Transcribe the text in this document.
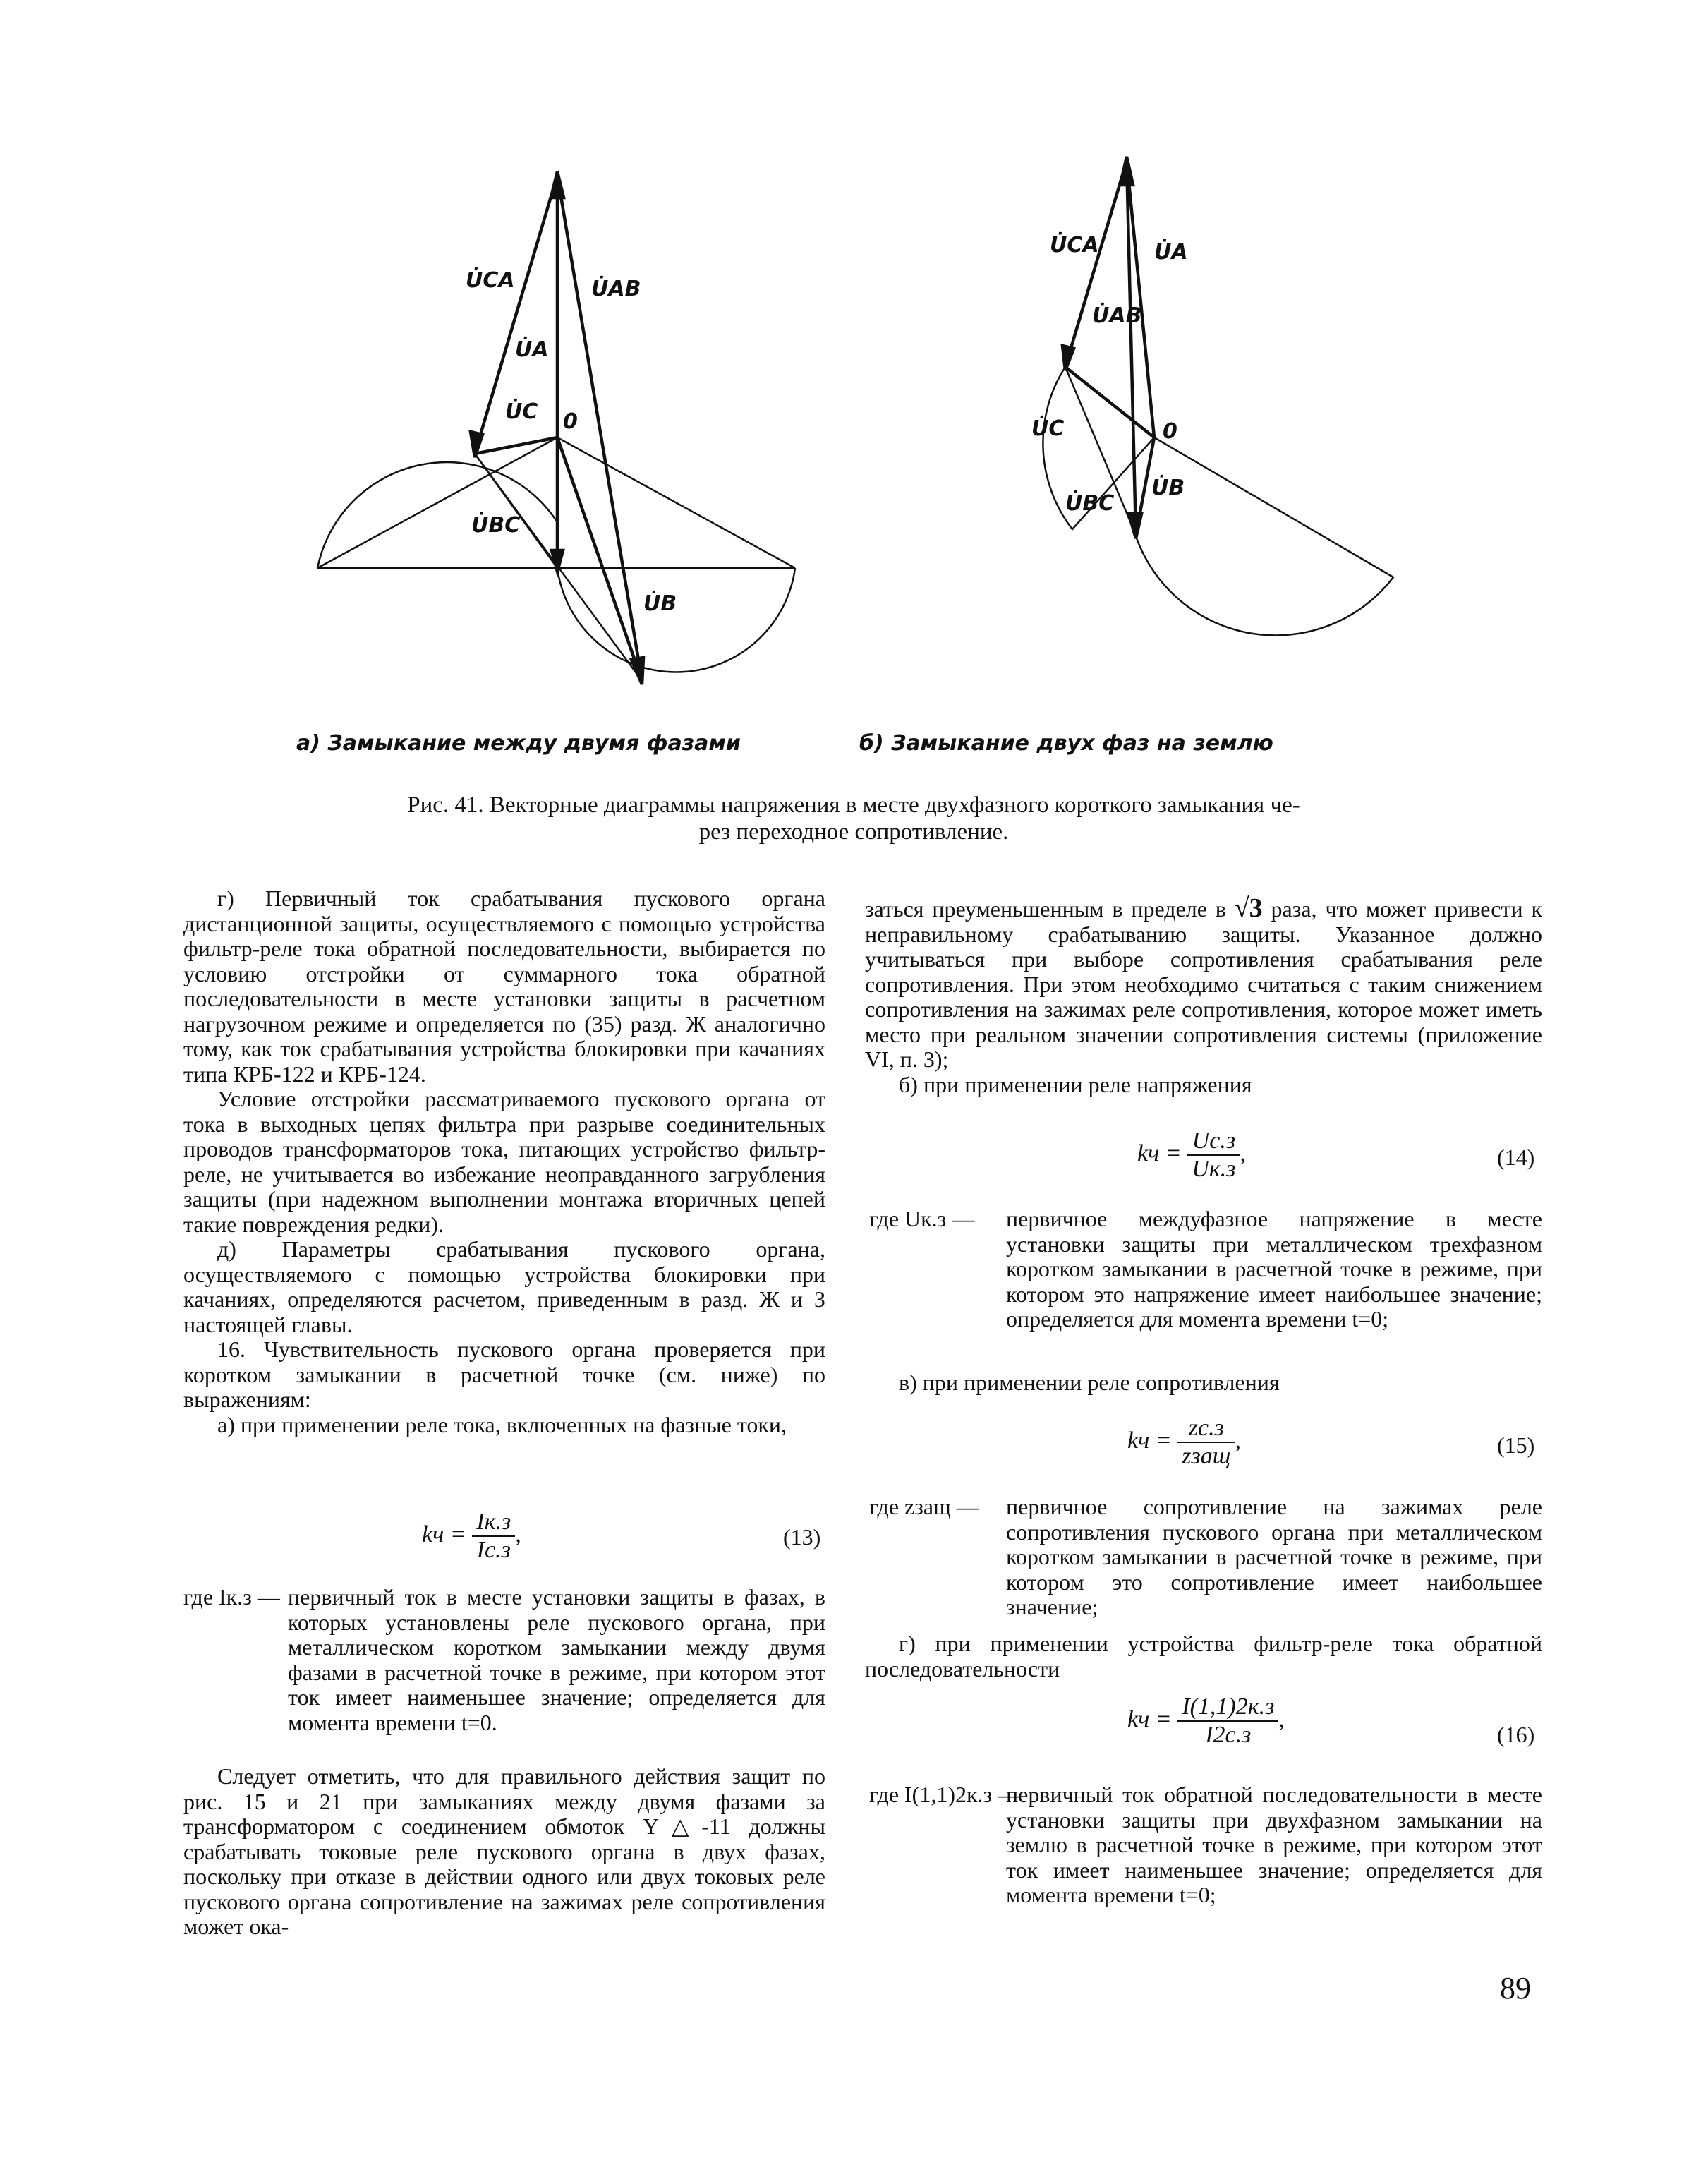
U̇CA	U̇AB
U̇A
U̇C 0
U̇BC
U̇B
U̇CA	U̇A
U̇AB
U̇C	0
U̇B
U̇BC
а) Замыкание между двумя фазами	б) Замыкание двух фаз на землю
Рис. 41. Векторные диаграммы напряжения в месте двухфазного короткого замыкания че-
рез переходное сопротивление.

г) Первичный ток срабатывания пускового органа дистанционной защиты, осуществляемого с помощью устройства фильтр-реле тока обратной последовательности, выбирается по условию отстройки от суммарного тока обратной последовательности в месте установки защиты в расчетном нагрузочном режиме и определяется по (35) разд. Ж аналогично тому, как ток срабатывания устройства блокировки при качаниях типа КРБ-122 и КРБ-124.

Условие отстройки рассматриваемого пускового органа от тока в выходных цепях фильтра при разрыве соединительных проводов трансформаторов тока, питающих устройство фильтр-реле, не учитывается во избежание неоправданного загрубления защиты (при надежном выполнении монтажа вторичных цепей такие повреждения редки).

д) Параметры срабатывания пускового органа, осуществляемого с помощью устройства блокировки при качаниях, определяются расчетом, приведенным в разд. Ж и З настоящей главы.

16. Чувствительность пускового органа проверяется при коротком замыкании в расчетной точке (см. ниже) по выражениям:

а) при применении реле тока, включенных на фазные токи,

kч = $\frac{Iк.з}{Iс.з}$ ,	(13)
где Iк.з — первичный ток в месте установки защиты в фазах, в которых установлены реле пускового органа, при металлическом коротком замыкании между двумя фазами в расчетной точке в режиме, при котором этот ток имеет наименьшее значение; определяется для момента времени t=0.

Следует отметить, что для правильного действия защит по рис. 15 и 21 при замыканиях между двумя фазами за трансформатором с соединением обмоток Y△-11 должны срабатывать токовые реле пускового органа в двух фазах, поскольку при отказе в действии одного или двух токовых реле пускового органа сопротивление на зажимах реле сопротивления может ока-

заться преуменьшенным в пределе в √3 раза, что может привести к неправильному срабатыванию защиты. Указанное должно учитываться при выборе сопротивления срабатывания реле сопротивления. При этом необходимо считаться с таким снижением сопротивления на зажимах реле сопротивления, которое может иметь место при реальном значении сопротивления системы (приложение VI, п. 3);

б) при применении реле напряжения

kч = $\frac{Uс.з}{Uк.з}$ ,	(14)
где Uк.з — первичное междуфазное напряжение в месте установки защиты при металлическом трехфазном коротком замыкании в расчетной точке в режиме, при котором это напряжение имеет наибольшее значение; определяется для момента времени t=0;

в) при применении реле сопротивления

kч = $\frac{zс.з}{\text{zзащ}}$ ,	(15)
где zзащ — первичное сопротивление на зажимах реле сопротивления пускового органа при металлическом коротком замыкании в расчетной точке в режиме, при котором это сопротивление имеет наибольшее значение;

г) при применении устройства фильтр-реле тока обратной последовательности

kч = $\frac{I(1,1)2к.з}{I2с.з}$ ,
(16)
где I(1,1)2к.з —
первичный ток обратной последовательности в месте установки защиты при двухфазном замыкании на землю в расчетной точке в режиме, при котором этот ток имеет наименьшее значение; определяется для момента времени t=0;
89
